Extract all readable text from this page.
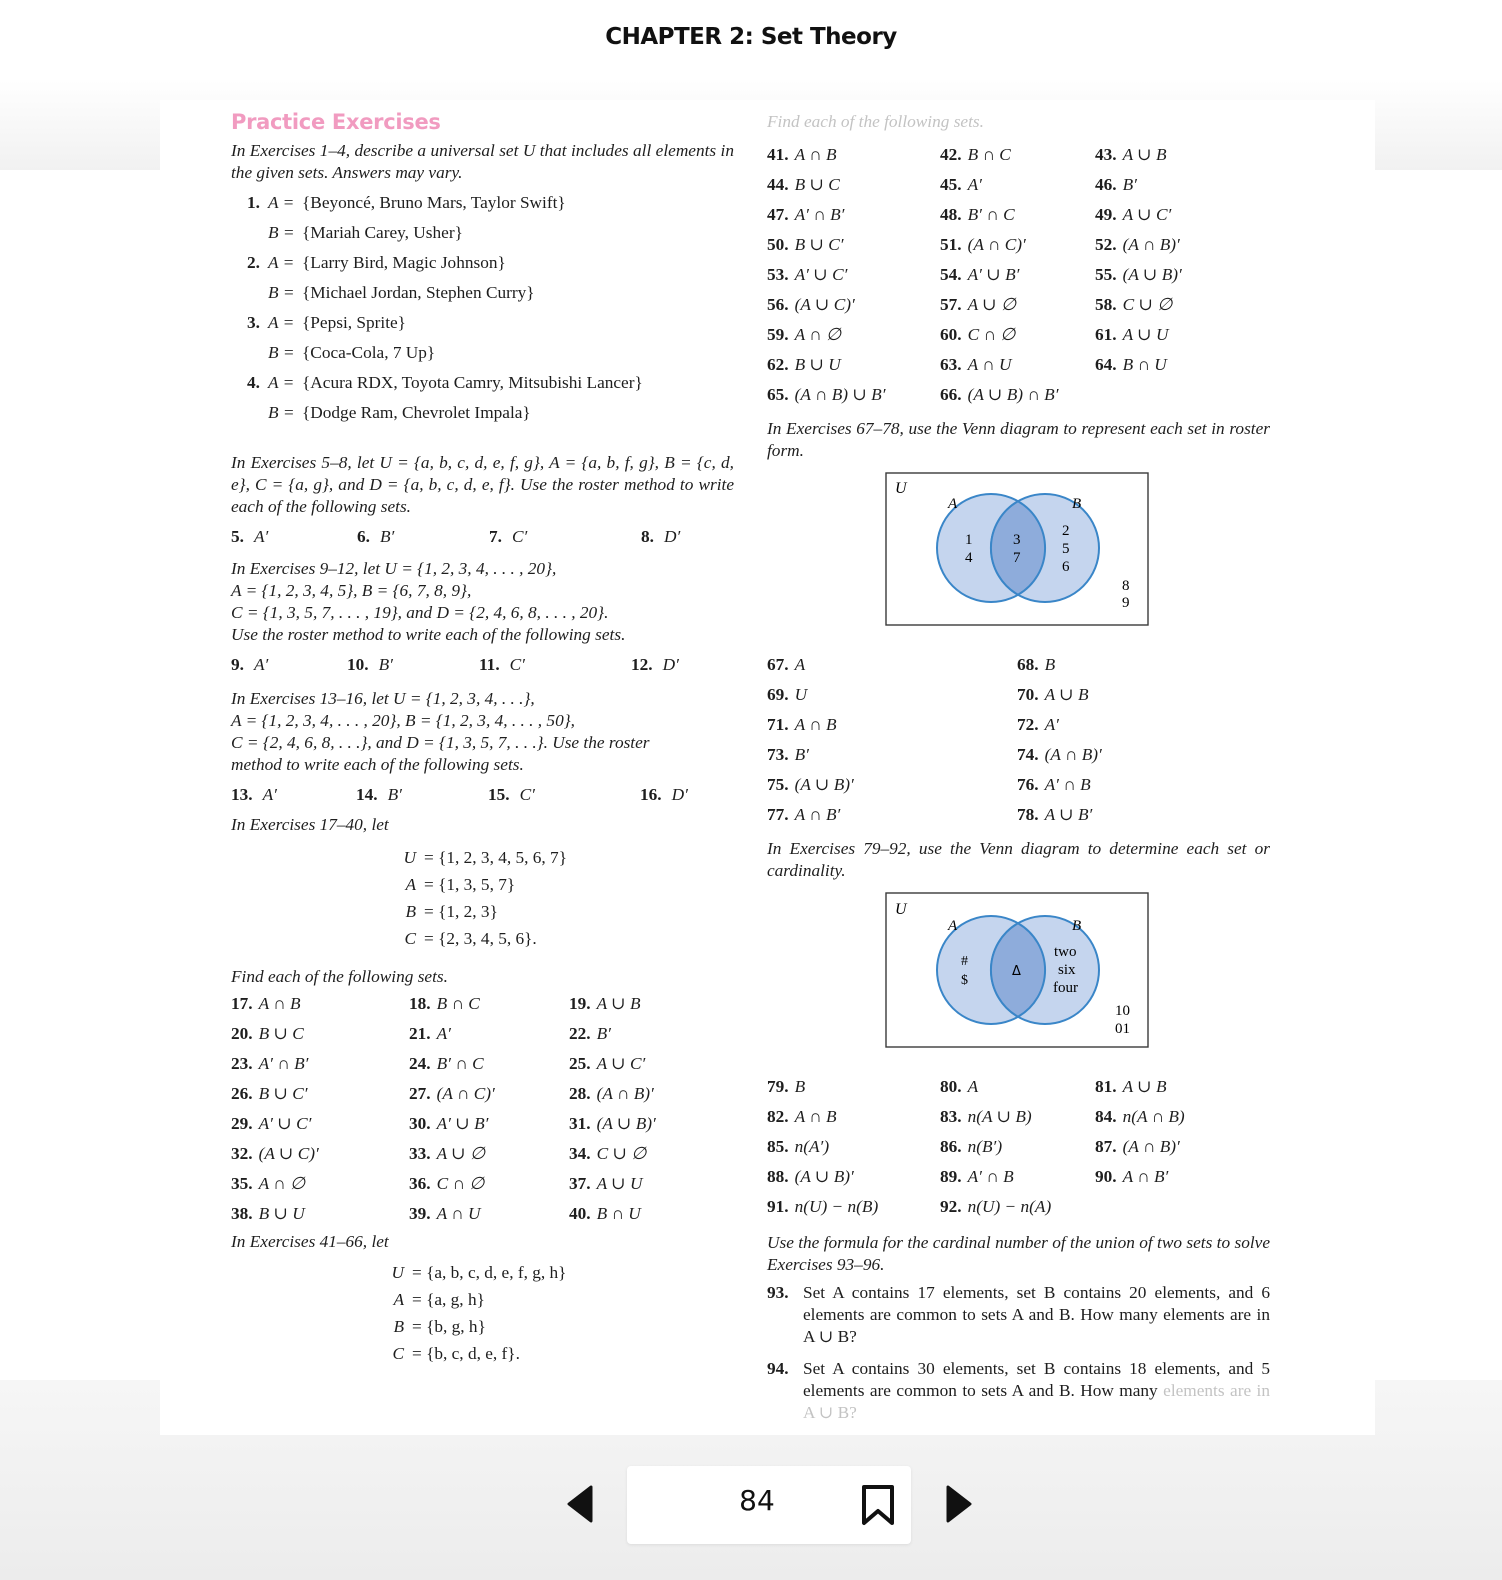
CHAPTER 2: Set Theory
Practice Exercises

In Exercises 1–4, describe a universal set U that includes all elements in the given sets. Answers may vary.

1. A = {Beyoncé, Bruno Mars, Taylor Swift}
B = {Mariah Carey, Usher}
2. A = {Larry Bird, Magic Johnson}
B = {Michael Jordan, Stephen Curry}
3. A = {Pepsi, Sprite}
B = {Coca-Cola, 7 Up}
4. A = {Acura RDX, Toyota Camry, Mitsubishi Lancer}
B = {Dodge Ram, Chevrolet Impala}

In Exercises 5–8, let U = {a, b, c, d, e, f, g}, A = {a, b, f, g}, B = {c, d, e}, C = {a, g}, and D = {a, b, c, d, e, f}. Use the roster method to write each of the following sets.

5. A′	6. B′	7. C′	8. D′

In Exercises 9–12, let U = {1, 2, 3, 4, . . . , 20},

A = {1, 2, 3, 4, 5}, B = {6, 7, 8, 9},

C = {1, 3, 5, 7, . . . , 19}, and D = {2, 4, 6, 8, . . . , 20}.

Use the roster method to write each of the following sets.

9. A′	10. B′	11. C′	12. D′

In Exercises 13–16, let U = {1, 2, 3, 4, . . .},

A = {1, 2, 3, 4, . . . , 20}, B = {1, 2, 3, 4, . . . , 50},

C = {2, 4, 6, 8, . . .}, and D = {1, 3, 5, 7, . . .}. Use the roster

method to write each of the following sets.

13. A′	14. B′	15. C′	16. D′

In Exercises 17–40, let

U = {1, 2, 3, 4, 5, 6, 7}
A = {1, 3, 5, 7}
B = {1, 2, 3}
C = {2, 3, 4, 5, 6}.

Find each of the following sets.

17. A ∩ B	18. B ∩ C	19. A ∪ B
20. B ∪ C	21. A′	22. B′
23. A′ ∩ B′	24. B′ ∩ C	25. A ∪ C′
26. B ∪ C′	27. (A ∩ C)′	28. (A ∩ B)′
29. A′ ∪ C′	30. A′ ∪ B′	31. (A ∪ B)′
32. (A ∪ C)′	33. A ∪ ∅	34. C ∪ ∅
35. A ∩ ∅	36. C ∩ ∅	37. A ∪ U
38. B ∪ U	39. A ∩ U	40. B ∩ U

In Exercises 41–66, let

U = {a, b, c, d, e, f, g, h}
A = {a, g, h}
B = {b, g, h}
C = {b, c, d, e, f}.

Find each of the following sets.

41. A ∩ B	42. B ∩ C	43. A ∪ B
44. B ∪ C	45. A′	46. B′
47. A′ ∩ B′	48. B′ ∩ C	49. A ∪ C′
50. B ∪ C′	51. (A ∩ C)′	52. (A ∩ B)′
53. A′ ∪ C′	54. A′ ∪ B′	55. (A ∪ B)′
56. (A ∪ C)′	57. A ∪ ∅	58. C ∪ ∅
59. A ∩ ∅	60. C ∩ ∅	61. A ∪ U
62. B ∪ U	63. A ∩ U	64. B ∩ U
65. (A ∩ B) ∪ B′	66. (A ∪ B) ∩ B′

In Exercises 67–78, use the Venn diagram to represent each set in roster form.

U
A	B
1
4
3
7
2
5
6
8
9
67. A	68. B
69. U	70. A ∪ B
71. A ∩ B	72. A′
73. B′	74. (A ∩ B)′
75. (A ∪ B)′	76. A′ ∩ B
77. A ∩ B′	78. A ∪ B′

In Exercises 79–92, use the Venn diagram to determine each set or cardinality.

U
A	B
#
$
Δ
two
six
four
10
01
79. B	80. A	81. A ∪ B
82. A ∩ B	83. n(A ∪ B)	84. n(A ∩ B)
85. n(A′)	86. n(B′)	87. (A ∩ B)′
88. (A ∪ B)′	89. A′ ∩ B	90. A ∩ B′
91. n(U) − n(B)	92. n(U) − n(A)

Use the formula for the cardinal number of the union of two sets to solve Exercises 93–96.

93. Set A contains 17 elements, set B contains 20 elements, and 6 elements are common to sets A and B. How many elements are in A ∪ B?
94. Set A contains 30 elements, set B contains 18 elements, and 5 elements are common to sets A and B. How many elements are in A ∪ B?
84
